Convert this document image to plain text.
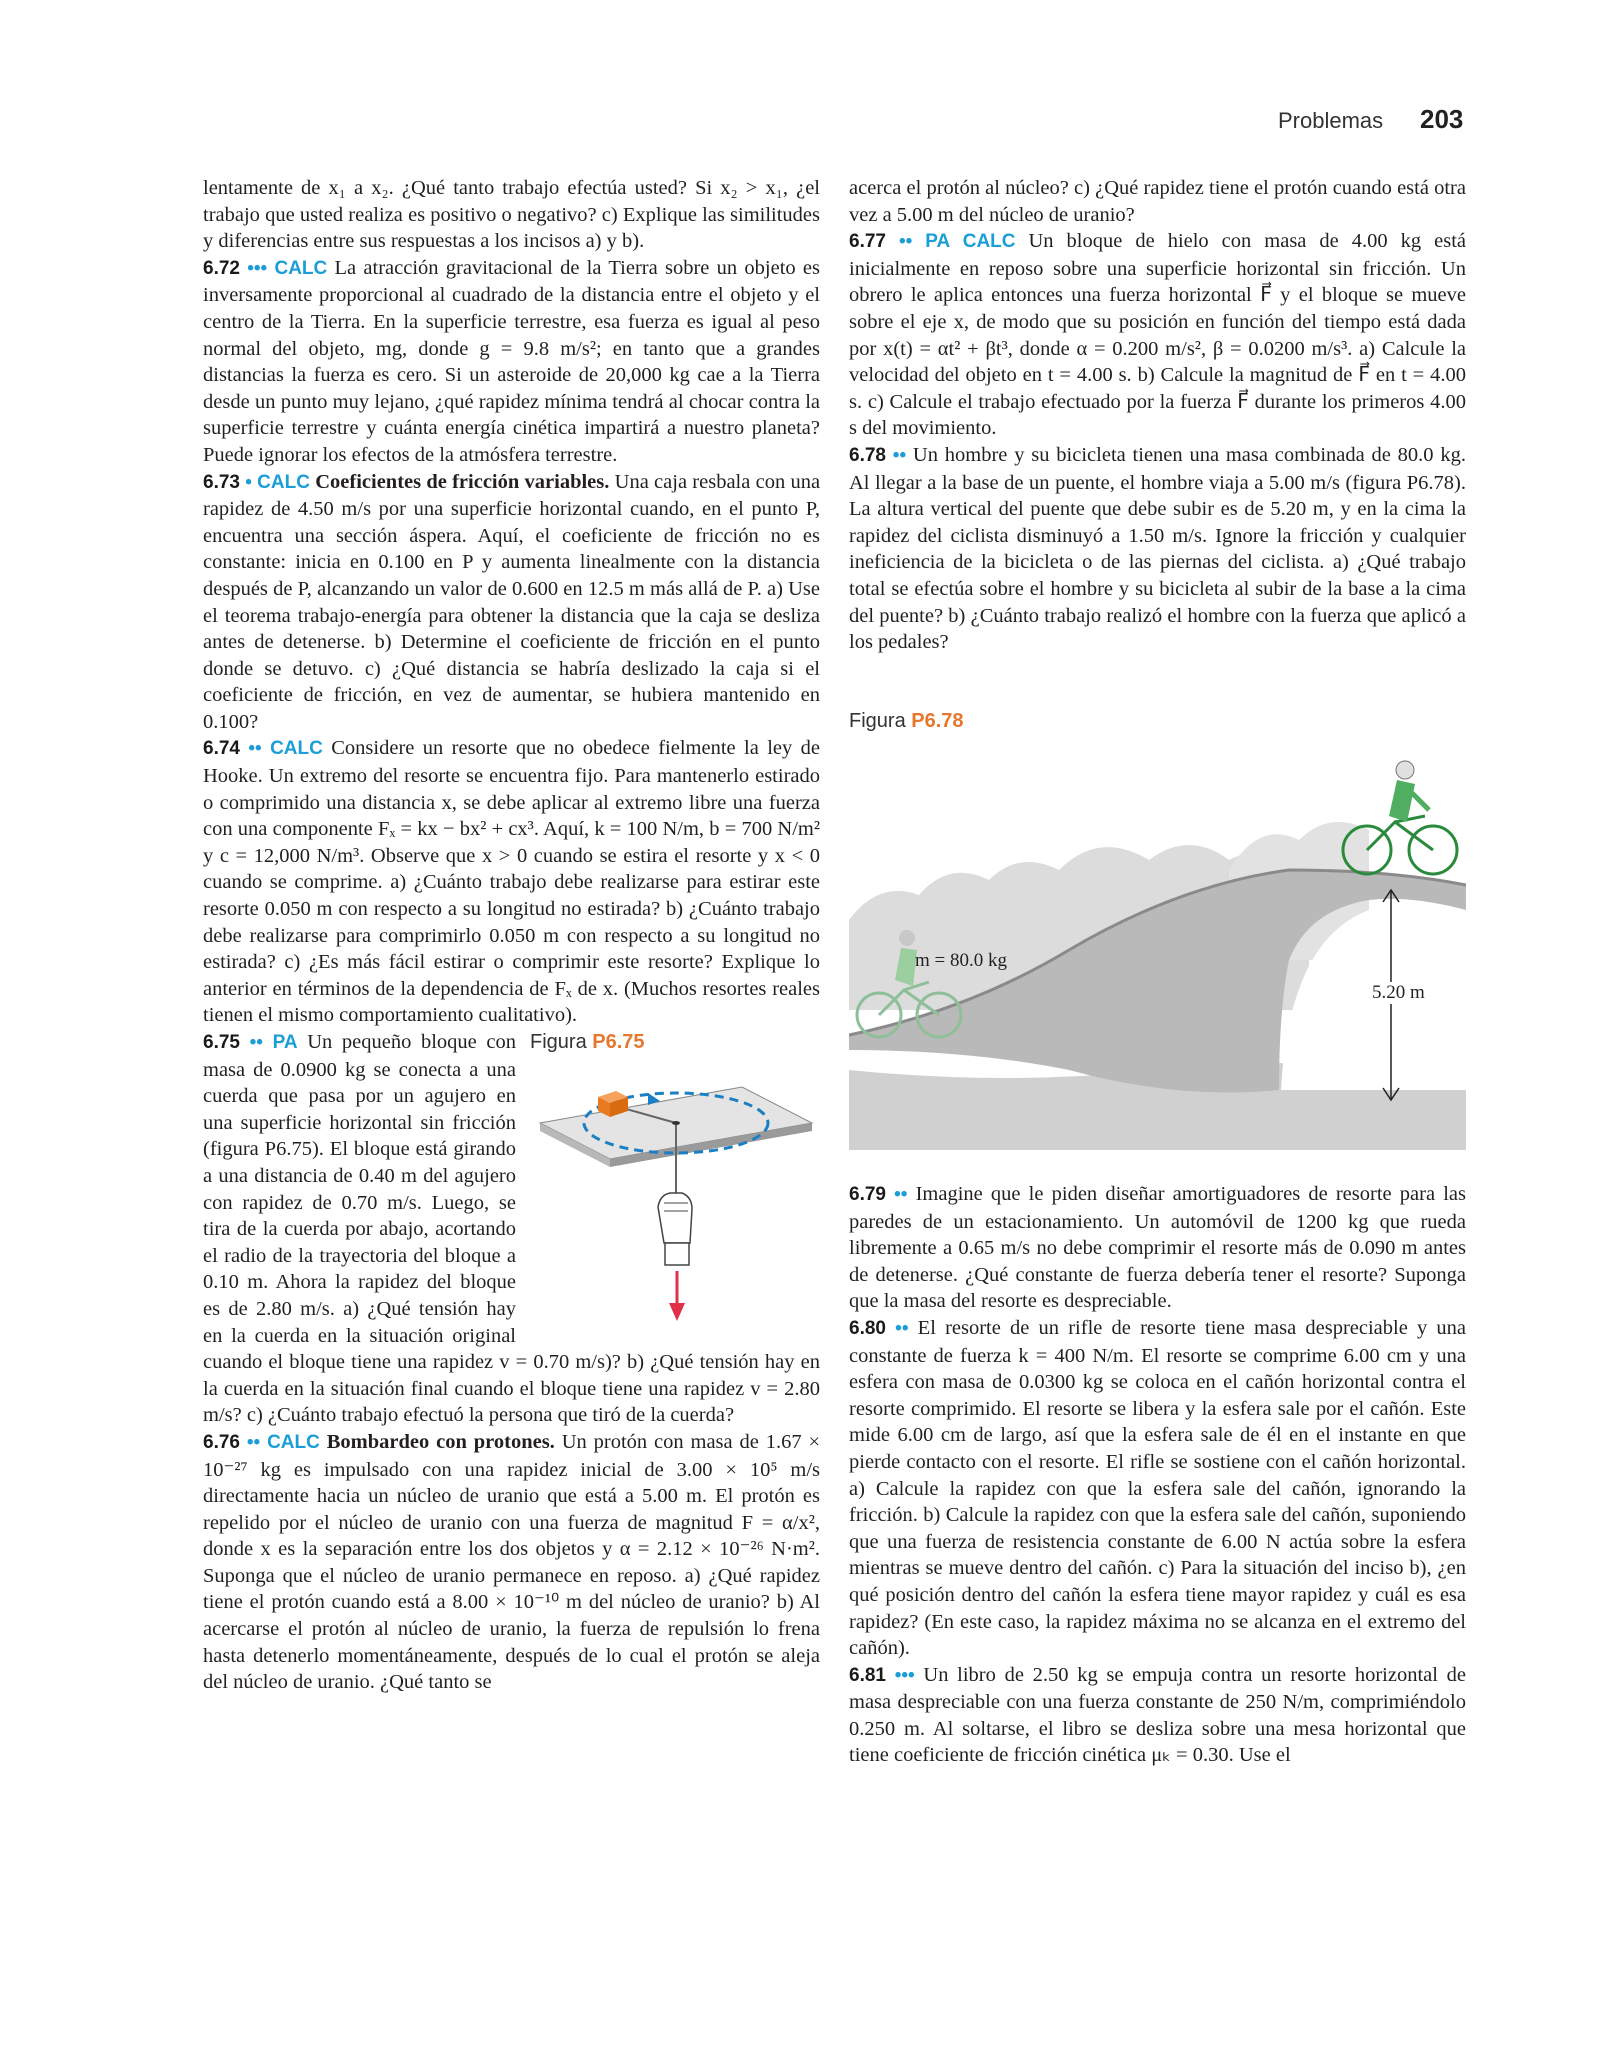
Problemas 203

lentamente de x₁ a x₂. ¿Qué tanto trabajo efectúa usted? Si x₂ > x₁, ¿el trabajo que usted realiza es positivo o negativo? c) Explique las similitudes y diferencias entre sus respuestas a los incisos a) y b).

6.72 ••• CALC La atracción gravitacional de la Tierra sobre un objeto es inversamente proporcional al cuadrado de la distancia entre el objeto y el centro de la Tierra. En la superficie terrestre, esa fuerza es igual al peso normal del objeto, mg, donde g = 9.8 m/s²; en tanto que a grandes distancias la fuerza es cero. Si un asteroide de 20,000 kg cae a la Tierra desde un punto muy lejano, ¿qué rapidez mínima tendrá al chocar contra la superficie terrestre y cuánta energía cinética impartirá a nuestro planeta? Puede ignorar los efectos de la atmósfera terrestre.

6.73 • CALC Coeficientes de fricción variables. Una caja resbala con una rapidez de 4.50 m/s por una superficie horizontal cuando, en el punto P, encuentra una sección áspera. Aquí, el coeficiente de fricción no es constante: inicia en 0.100 en P y aumenta linealmente con la distancia después de P, alcanzando un valor de 0.600 en 12.5 m más allá de P. a) Use el teorema trabajo-energía para obtener la distancia que la caja se desliza antes de detenerse. b) Determine el coeficiente de fricción en el punto donde se detuvo. c) ¿Qué distancia se habría deslizado la caja si el coeficiente de fricción, en vez de aumentar, se hubiera mantenido en 0.100?

6.74 •• CALC Considere un resorte que no obedece fielmente la ley de Hooke. Un extremo del resorte se encuentra fijo. Para mantenerlo estirado o comprimido una distancia x, se debe aplicar al extremo libre una fuerza con una componente Fₓ = kx − bx² + cx³. Aquí, k = 100 N/m, b = 700 N/m² y c = 12,000 N/m³. Observe que x > 0 cuando se estira el resorte y x < 0 cuando se comprime. a) ¿Cuánto trabajo debe realizarse para estirar este resorte 0.050 m con respecto a su longitud no estirada? b) ¿Cuánto trabajo debe realizarse para comprimirlo 0.050 m con respecto a su longitud no estirada? c) ¿Es más fácil estirar o comprimir este resorte? Explique lo anterior en términos de la dependencia de Fₓ de x. (Muchos resortes reales tienen el mismo comportamiento cualitativo).

Figura P6.75

6.75 •• PA Un pequeño bloque con masa de 0.0900 kg se conecta a una cuerda que pasa por un agujero en una superficie horizontal sin fricción (figura P6.75). El bloque está girando a una distancia de 0.40 m del agujero con rapidez de 0.70 m/s. Luego, se tira de la cuerda por abajo, acortando el radio de la trayectoria del bloque a 0.10 m. Ahora la rapidez del bloque es de 2.80 m/s. a) ¿Qué tensión hay en la cuerda en la situación original cuando el bloque tiene una rapidez v = 0.70 m/s)? b) ¿Qué tensión hay en la cuerda en la situación final cuando el bloque tiene una rapidez v = 2.80 m/s? c) ¿Cuánto trabajo efectuó la persona que tiró de la cuerda?

6.76 •• CALC Bombardeo con protones. Un protón con masa de 1.67 × 10⁻²⁷ kg es impulsado con una rapidez inicial de 3.00 × 10⁵ m/s directamente hacia un núcleo de uranio que está a 5.00 m. El protón es repelido por el núcleo de uranio con una fuerza de magnitud F = α/x², donde x es la separación entre los dos objetos y α = 2.12 × 10⁻²⁶ N·m². Suponga que el núcleo de uranio permanece en reposo. a) ¿Qué rapidez tiene el protón cuando está a 8.00 × 10⁻¹⁰ m del núcleo de uranio? b) Al acercarse el protón al núcleo de uranio, la fuerza de repulsión lo frena hasta detenerlo momentáneamente, después de lo cual el protón se aleja del núcleo de uranio. ¿Qué tanto se

acerca el protón al núcleo? c) ¿Qué rapidez tiene el protón cuando está otra vez a 5.00 m del núcleo de uranio?

6.77 •• PA CALC Un bloque de hielo con masa de 4.00 kg está inicialmente en reposo sobre una superficie horizontal sin fricción. Un obrero le aplica entonces una fuerza horizontal F⃗ y el bloque se mueve sobre el eje x, de modo que su posición en función del tiempo está dada por x(t) = αt² + βt³, donde α = 0.200 m/s², β = 0.0200 m/s³. a) Calcule la velocidad del objeto en t = 4.00 s. b) Calcule la magnitud de F⃗ en t = 4.00 s. c) Calcule el trabajo efectuado por la fuerza F⃗ durante los primeros 4.00 s del movimiento.

6.78 •• Un hombre y su bicicleta tienen una masa combinada de 80.0 kg. Al llegar a la base de un puente, el hombre viaja a 5.00 m/s (figura P6.78). La altura vertical del puente que debe subir es de 5.20 m, y en la cima la rapidez del ciclista disminuyó a 1.50 m/s. Ignore la fricción y cualquier ineficiencia de la bicicleta o de las piernas del ciclista. a) ¿Qué trabajo total se efectúa sobre el hombre y su bicicleta al subir de la base a la cima del puente? b) ¿Cuánto trabajo realizó el hombre con la fuerza que aplicó a los pedales?

Figura P6.78
m = 80.0 kg
5.20 m

6.79 •• Imagine que le piden diseñar amortiguadores de resorte para las paredes de un estacionamiento. Un automóvil de 1200 kg que rueda libremente a 0.65 m/s no debe comprimir el resorte más de 0.090 m antes de detenerse. ¿Qué constante de fuerza debería tener el resorte? Suponga que la masa del resorte es despreciable.

6.80 •• El resorte de un rifle de resorte tiene masa despreciable y una constante de fuerza k = 400 N/m. El resorte se comprime 6.00 cm y una esfera con masa de 0.0300 kg se coloca en el cañón horizontal contra el resorte comprimido. El resorte se libera y la esfera sale por el cañón. Este mide 6.00 cm de largo, así que la esfera sale de él en el instante en que pierde contacto con el resorte. El rifle se sostiene con el cañón horizontal. a) Calcule la rapidez con que la esfera sale del cañón, ignorando la fricción. b) Calcule la rapidez con que la esfera sale del cañón, suponiendo que una fuerza de resistencia constante de 6.00 N actúa sobre la esfera mientras se mueve dentro del cañón. c) Para la situación del inciso b), ¿en qué posición dentro del cañón la esfera tiene mayor rapidez y cuál es esa rapidez? (En este caso, la rapidez máxima no se alcanza en el extremo del cañón).

6.81 ••• Un libro de 2.50 kg se empuja contra un resorte horizontal de masa despreciable con una fuerza constante de 250 N/m, comprimiéndolo 0.250 m. Al soltarse, el libro se desliza sobre una mesa horizontal que tiene coeficiente de fricción cinética μₖ = 0.30. Use el
